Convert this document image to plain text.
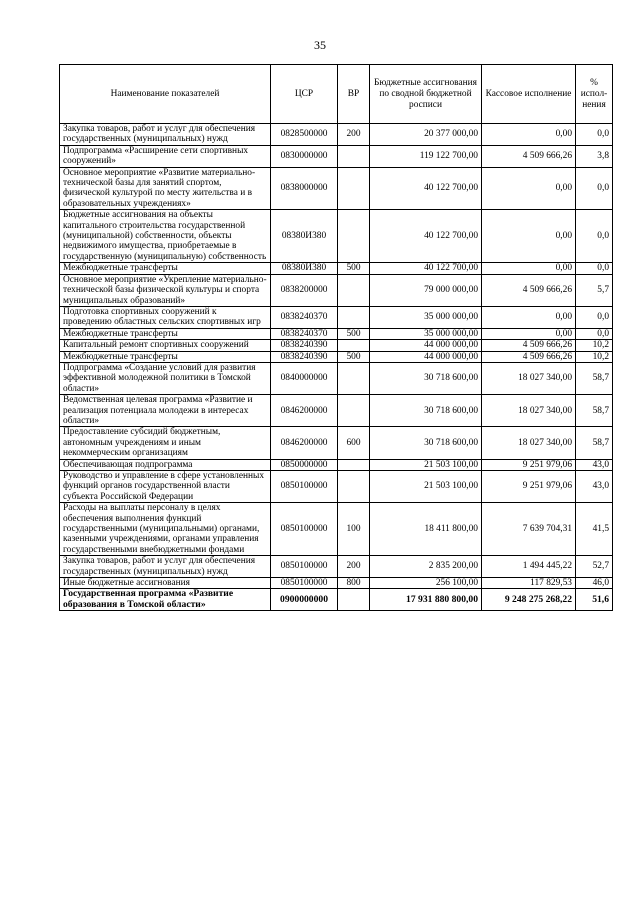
35
Наименование показателей	ЦСР	ВР	Бюджетные ассигнования по сводной бюджетной росписи	Кассовое исполнение	% испол-нения
Закупка товаров, работ и услуг для обеспечения государственных (муниципальных) нужд	0828500000	200	20 377 000,00	0,00	0,0
Подпрограмма «Расширение сети спортивных сооружений»	0830000000		119 122 700,00	4 509 666,26	3,8
Основное мероприятие «Развитие материально-технической базы для занятий спортом, физической культурой по месту жительства и в образовательных учреждениях»	0838000000		40 122 700,00	0,00	0,0
Бюджетные ассигнования на объекты капитального строительства государственной (муниципальной) собственности, объекты недвижимого имущества, приобретаемые в государственную (муниципальную) собственность	08380И380		40 122 700,00	0,00	0,0
Межбюджетные трансферты	08380И380	500	40 122 700,00	0,00	0,0
Основное мероприятие «Укрепление материально-технической базы физической культуры и спорта муниципальных образований»	0838200000		79 000 000,00	4 509 666,26	5,7
Подготовка спортивных сооружений к проведению областных сельских спортивных игр	0838240370		35 000 000,00	0,00	0,0
Межбюджетные трансферты	0838240370	500	35 000 000,00	0,00	0,0
Капитальный ремонт спортивных сооружений	0838240390		44 000 000,00	4 509 666,26	10,2
Межбюджетные трансферты	0838240390	500	44 000 000,00	4 509 666,26	10,2
Подпрограмма «Создание условий для развития эффективной молодежной политики в Томской области»	0840000000		30 718 600,00	18 027 340,00	58,7
Ведомственная целевая программа «Развитие и реализация потенциала молодежи в интересах области»	0846200000		30 718 600,00	18 027 340,00	58,7
Предоставление субсидий бюджетным, автономным учреждениям и иным некоммерческим организациям	0846200000	600	30 718 600,00	18 027 340,00	58,7
Обеспечивающая подпрограмма	0850000000		21 503 100,00	9 251 979,06	43,0
Руководство и управление в сфере установленных функций органов государственной власти субъекта Российской Федерации	0850100000		21 503 100,00	9 251 979,06	43,0
Расходы на выплаты персоналу в целях обеспечения выполнения функций государственными (муниципальными) органами, казенными учреждениями, органами управления государственными внебюджетными фондами	0850100000	100	18 411 800,00	7 639 704,31	41,5
Закупка товаров, работ и услуг для обеспечения государственных (муниципальных) нужд	0850100000	200	2 835 200,00	1 494 445,22	52,7
Иные бюджетные ассигнования	0850100000	800	256 100,00	117 829,53	46,0
Государственная программа «Развитие образования в Томской области»	0900000000		17 931 880 800,00	9 248 275 268,22	51,6
